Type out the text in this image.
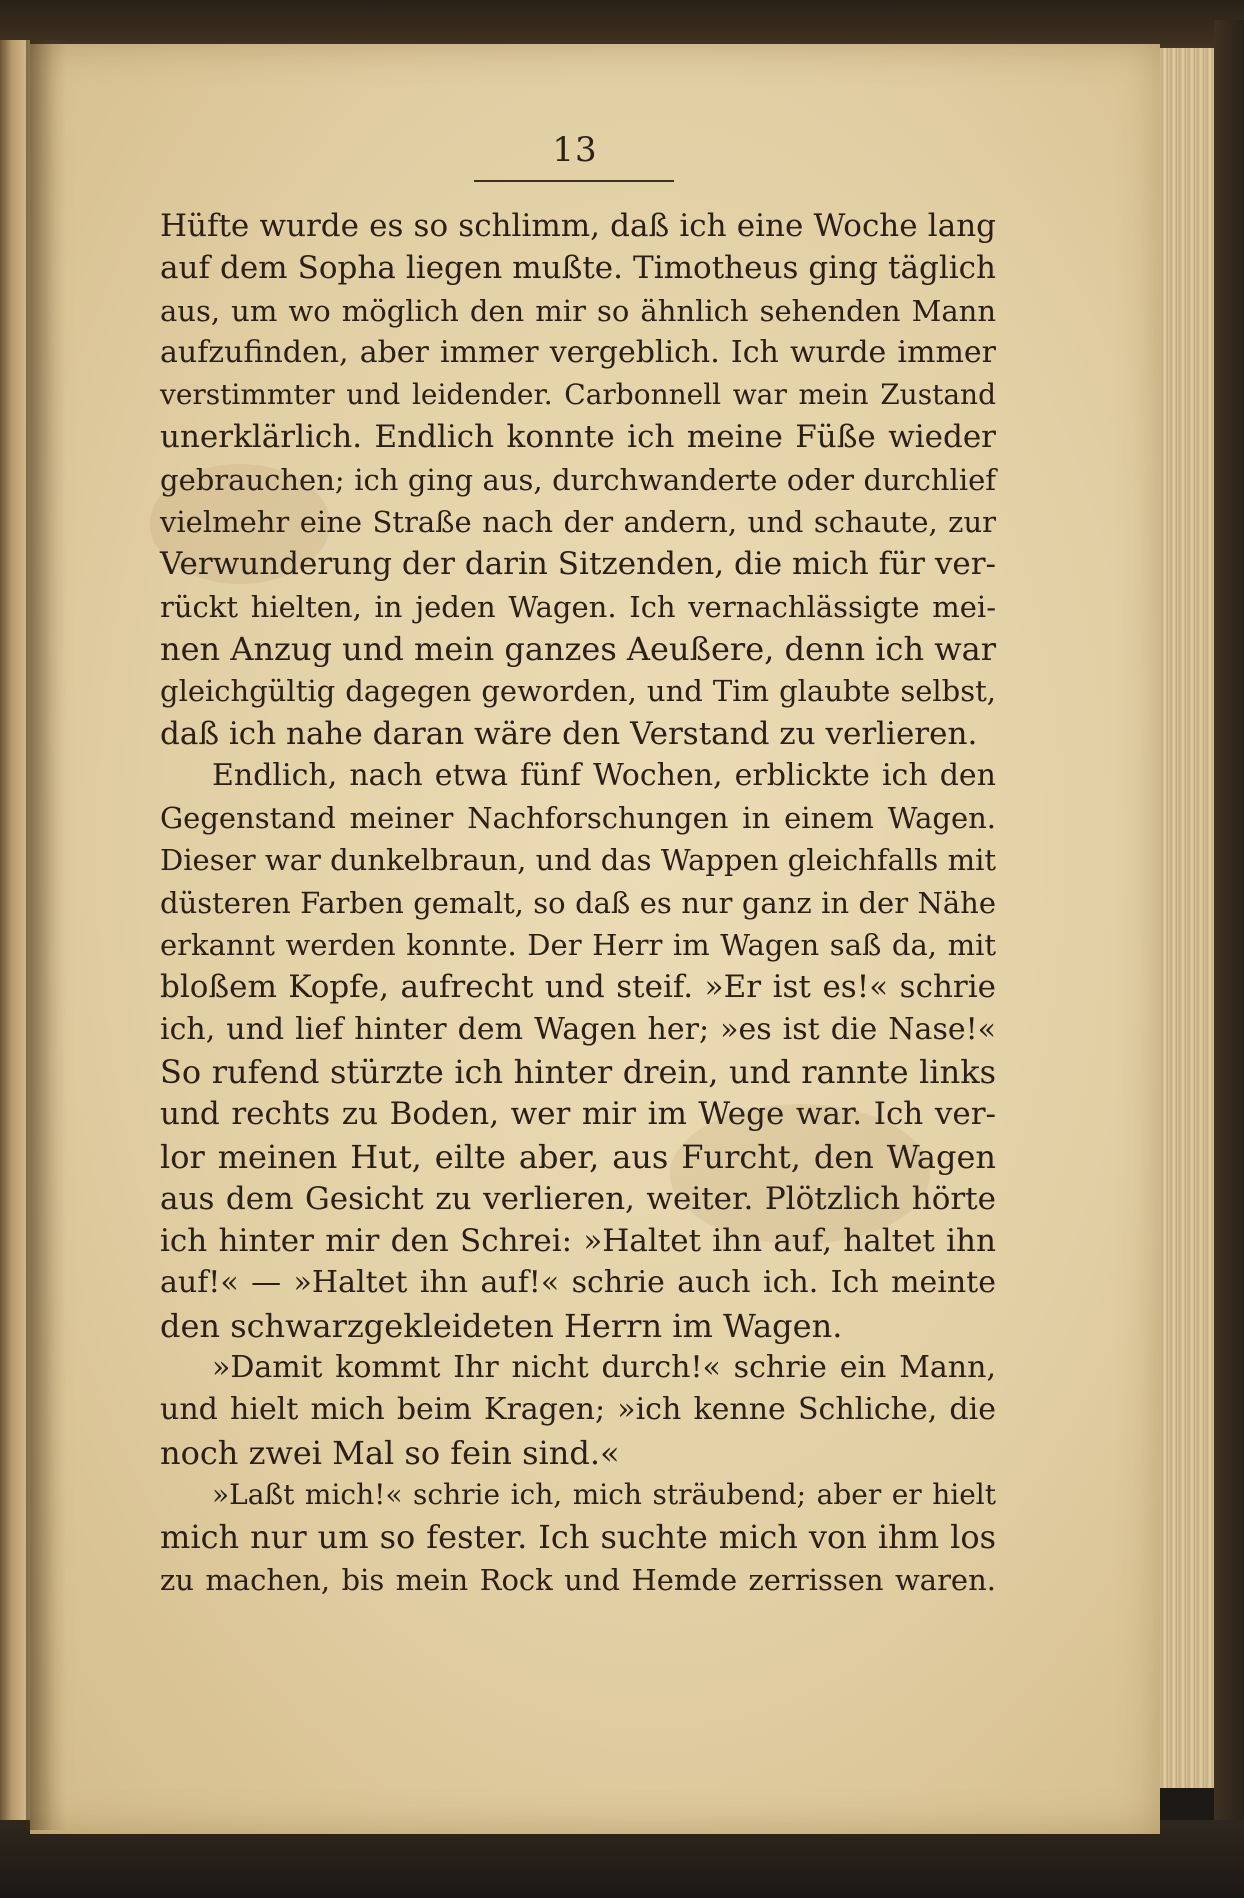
13
Hüfte wurde es so schlimm, daß ich eine Woche lang
auf dem Sopha liegen mußte. Timotheus ging täglich
aus, um wo möglich den mir so ähnlich sehenden Mann
aufzufinden, aber immer vergeblich. Ich wurde immer
verstimmter und leidender. Carbonnell war mein Zustand
unerklärlich. Endlich konnte ich meine Füße wieder
gebrauchen; ich ging aus, durchwanderte oder durchlief
vielmehr eine Straße nach der andern, und schaute, zur
Verwunderung der darin Sitzenden, die mich für ver-
rückt hielten, in jeden Wagen. Ich vernachlässigte mei-
nen Anzug und mein ganzes Aeußere, denn ich war
gleichgültig dagegen geworden, und Tim glaubte selbst,
daß ich nahe daran wäre den Verstand zu verlieren.
Endlich, nach etwa fünf Wochen, erblickte ich den
Gegenstand meiner Nachforschungen in einem Wagen.
Dieser war dunkelbraun, und das Wappen gleichfalls mit
düsteren Farben gemalt, so daß es nur ganz in der Nähe
erkannt werden konnte. Der Herr im Wagen saß da, mit
bloßem Kopfe, aufrecht und steif. »Er ist es!« schrie
ich, und lief hinter dem Wagen her; »es ist die Nase!«
So rufend stürzte ich hinter drein, und rannte links
und rechts zu Boden, wer mir im Wege war. Ich ver-
lor meinen Hut, eilte aber, aus Furcht, den Wagen
aus dem Gesicht zu verlieren, weiter. Plötzlich hörte
ich hinter mir den Schrei: »Haltet ihn auf, haltet ihn
auf!« — »Haltet ihn auf!« schrie auch ich. Ich meinte
den schwarzgekleideten Herrn im Wagen.
»Damit kommt Ihr nicht durch!« schrie ein Mann,
und hielt mich beim Kragen; »ich kenne Schliche, die
noch zwei Mal so fein sind.«
»Laßt mich!« schrie ich, mich sträubend; aber er hielt
mich nur um so fester. Ich suchte mich von ihm los
zu machen, bis mein Rock und Hemde zerrissen waren.
